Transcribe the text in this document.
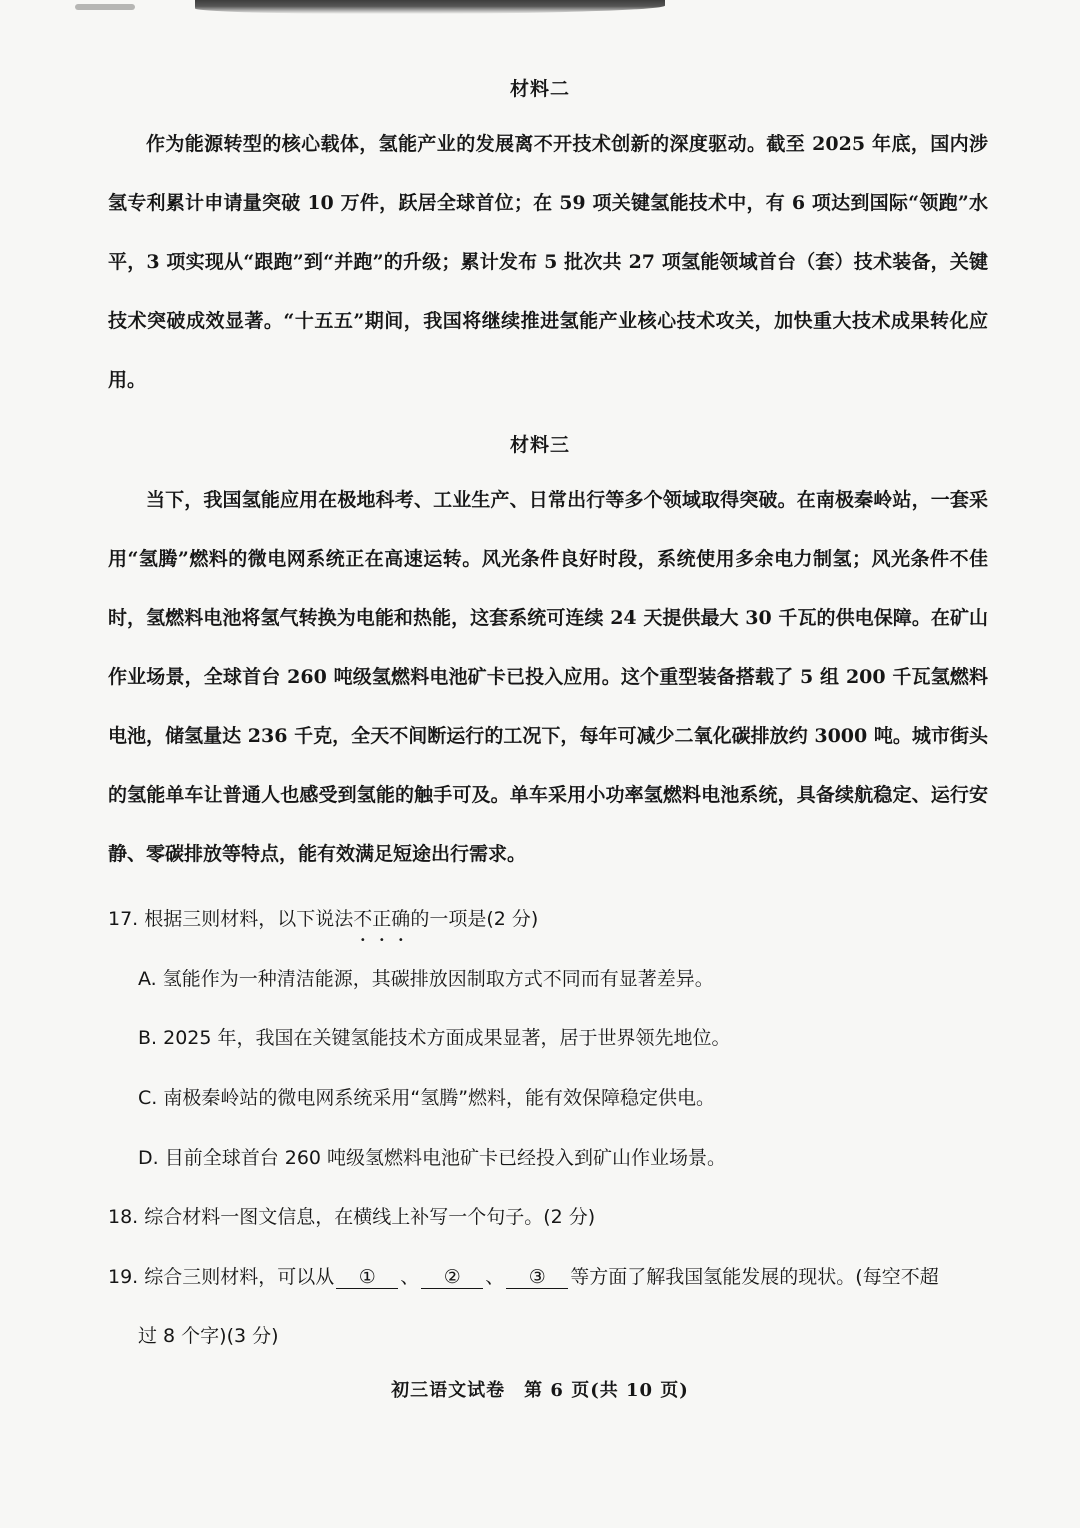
材料二

作为能源转型的核心载体，氢能产业的发展离不开技术创新的深度驱动。截至 2025 年底，国内涉氢专利累计申请量突破 10 万件，跃居全球首位；在 59 项关键氢能技术中，有 6 项达到国际“领跑”水平，3 项实现从“跟跑”到“并跑”的升级；累计发布 5 批次共 27 项氢能领域首台（套）技术装备，关键技术突破成效显著。“十五五”期间，我国将继续推进氢能产业核心技术攻关，加快重大技术成果转化应用。

材料三

当下，我国氢能应用在极地科考、工业生产、日常出行等多个领域取得突破。在南极秦岭站，一套采用“氢腾”燃料的微电网系统正在高速运转。风光条件良好时段，系统使用多余电力制氢；风光条件不佳时，氢燃料电池将氢气转换为电能和热能，这套系统可连续 24 天提供最大 30 千瓦的供电保障。在矿山作业场景，全球首台 260 吨级氢燃料电池矿卡已投入应用。这个重型装备搭载了 5 组 200 千瓦氢燃料电池，储氢量达 236 千克，全天不间断运行的工况下，每年可减少二氧化碳排放约 3000 吨。城市街头的氢能单车让普通人也感受到氢能的触手可及。单车采用小功率氢燃料电池系统，具备续航稳定、运行安静、零碳排放等特点，能有效满足短途出行需求。

17. 根据三则材料，以下说法不正确的一项是(2 分)

A. 氢能作为一种清洁能源，其碳排放因制取方式不同而有显著差异。

B. 2025 年，我国在关键氢能技术方面成果显著，居于世界领先地位。

C. 南极秦岭站的微电网系统采用“氢腾”燃料，能有效保障稳定供电。

D. 目前全球首台 260 吨级氢燃料电池矿卡已经投入到矿山作业场景。

18. 综合材料一图文信息，在横线上补写一个句子。(2 分)

19. 综合三则材料，可以从 ① 、 ② 、 ③ 等方面了解我国氢能发展的现状。(每空不超

过 8 个字)(3 分)

初三语文试卷　第 6 页(共 10 页)
